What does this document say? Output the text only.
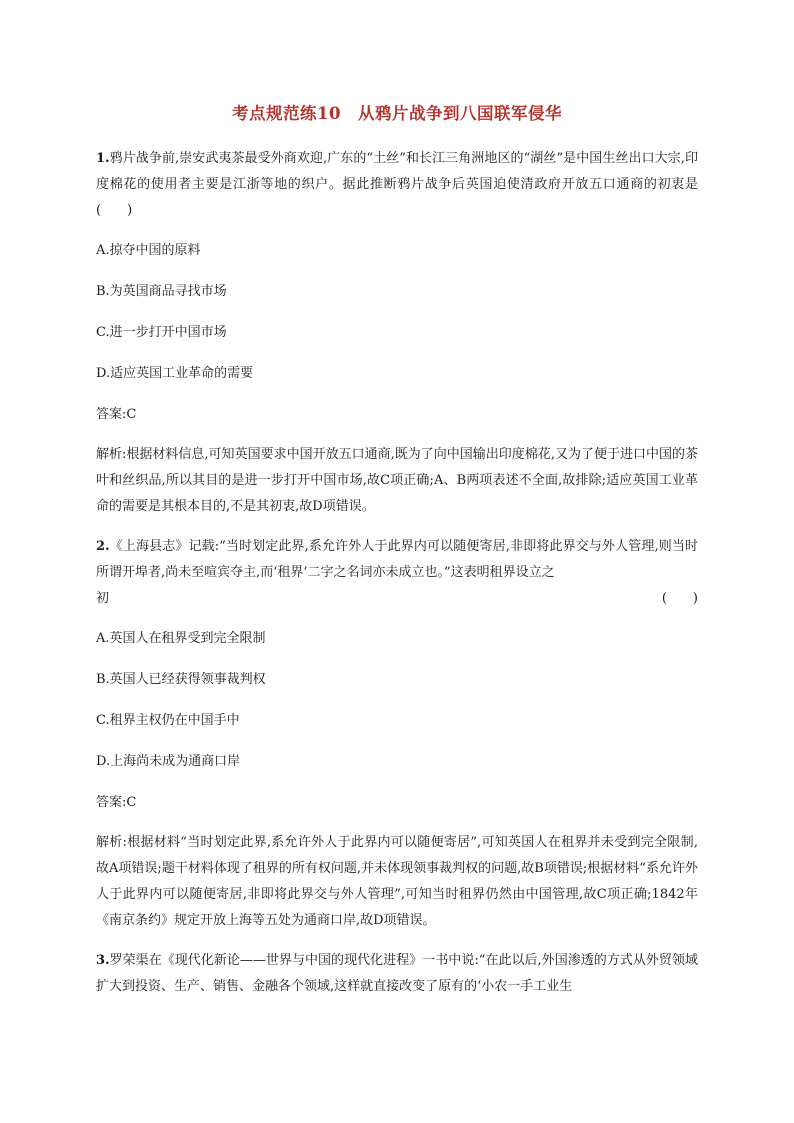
考点规范练10　从鸦片战争到八国联军侵华

1.鸦片战争前,崇安武夷茶最受外商欢迎,广东的“土丝”和长江三角洲地区的“湖丝”是中国生丝出口大宗,印度棉花的使用者主要是江浙等地的织户。据此推断鸦片战争后英国迫使清政府开放五口通商的初衷是(　　)

A.掠夺中国的原料

B.为英国商品寻找市场

C.进一步打开中国市场

D.适应英国工业革命的需要

答案:C

解析:根据材料信息,可知英国要求中国开放五口通商,既为了向中国输出印度棉花,又为了便于进口中国的茶叶和丝织品,所以其目的是进一步打开中国市场,故C项正确;A、B两项表述不全面,故排除;适应英国工业革命的需要是其根本目的,不是其初衷,故D项错误。

2.《上海县志》记载:“当时划定此界,系允许外人于此界内可以随便寄居,非即将此界交与外人管理,则当时所谓开埠者,尚未至喧宾夺主,而‘租界’二字之名词亦未成立也。”这表明租界设立之

初	(　　)

A.英国人在租界受到完全限制

B.英国人已经获得领事裁判权

C.租界主权仍在中国手中

D.上海尚未成为通商口岸

答案:C

解析:根据材料“当时划定此界,系允许外人于此界内可以随便寄居”,可知英国人在租界并未受到完全限制,故A项错误;题干材料体现了租界的所有权问题,并未体现领事裁判权的问题,故B项错误;根据材料“系允许外人于此界内可以随便寄居,非即将此界交与外人管理”,可知当时租界仍然由中国管理,故C项正确;1842年《南京条约》规定开放上海等五处为通商口岸,故D项错误。

3.罗荣渠在《现代化新论——世界与中国的现代化进程》一书中说:“在此以后,外国渗透的方式从外贸领域扩大到投资、生产、销售、金融各个领域,这样就直接改变了原有的‘小农一手工业生
